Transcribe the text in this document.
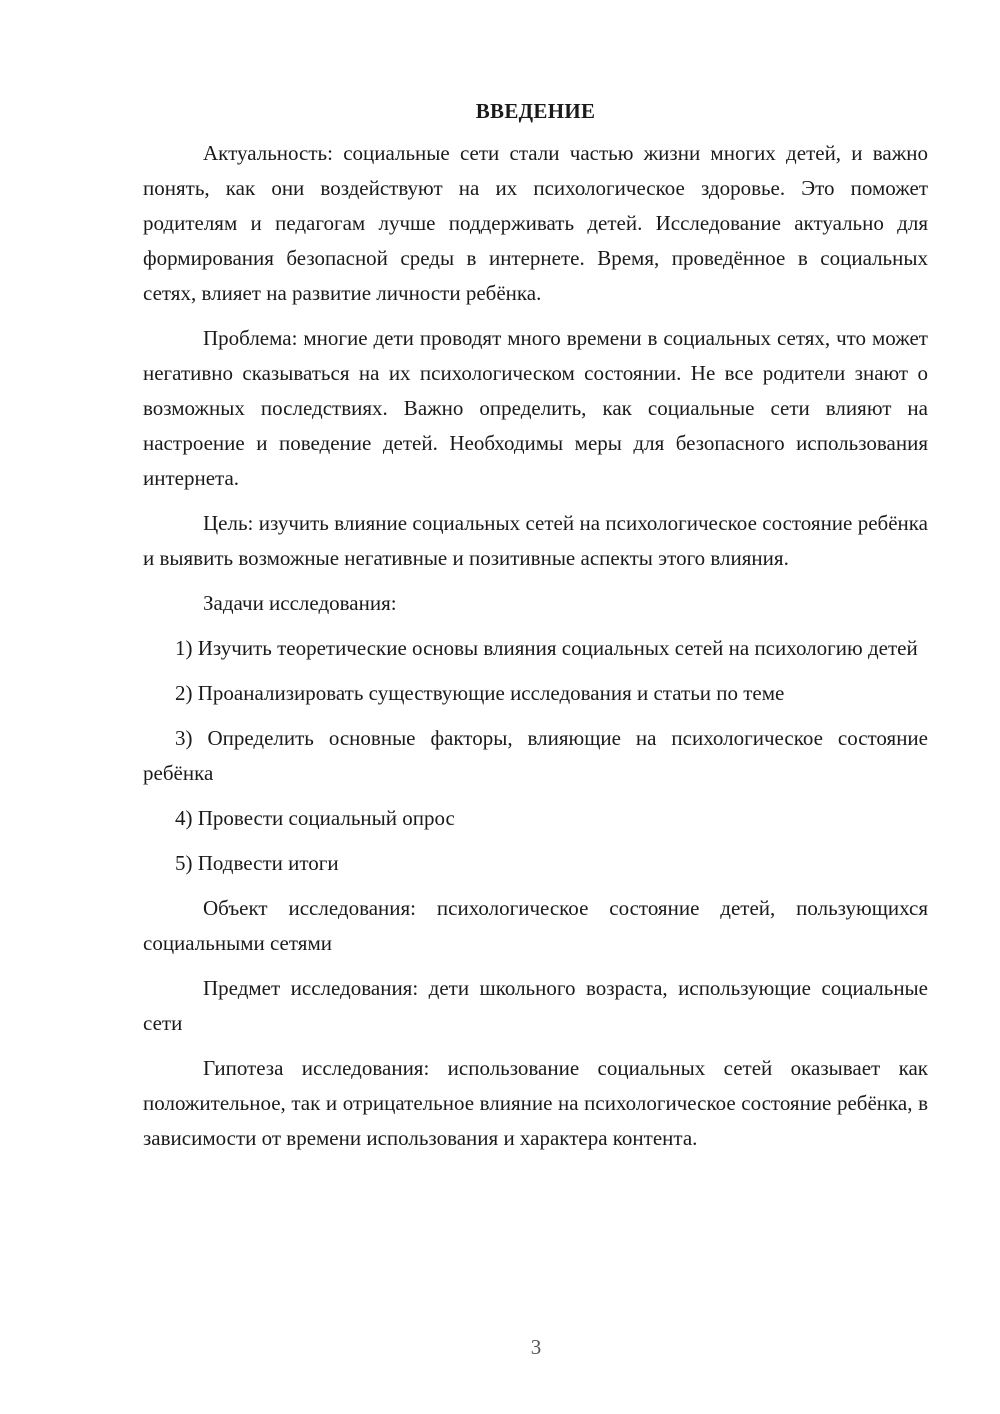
ВВЕДЕНИЕ

Актуальность: социальные сети стали частью жизни многих детей, и важно понять, как они воздействуют на их психологическое здоровье. Это поможет родителям и педагогам лучше поддерживать детей. Исследование актуально для формирования безопасной среды в интернете. Время, проведённое в социальных сетях, влияет на развитие личности ребёнка.

Проблема: многие дети проводят много времени в социальных сетях, что может негативно сказываться на их психологическом состоянии. Не все родители знают о возможных последствиях. Важно определить, как социальные сети влияют на настроение и поведение детей. Необходимы меры для безопасного использования интернета.

Цель: изучить влияние социальных сетей на психологическое состояние ребёнка и выявить возможные негативные и позитивные аспекты этого влияния.

Задачи исследования:

1) Изучить теоретические основы влияния социальных сетей на психологию детей

2) Проанализировать существующие исследования и статьи по теме

3) Определить основные факторы, влияющие на психологическое состояние ребёнка

4) Провести социальный опрос

5) Подвести итоги

Объект исследования: психологическое состояние детей, пользующихся социальными сетями

Предмет исследования: дети школьного возраста, использующие социальные сети

Гипотеза исследования: использование социальных сетей оказывает как положительное, так и отрицательное влияние на психологическое состояние ребёнка, в зависимости от времени использования и характера контента.

3
